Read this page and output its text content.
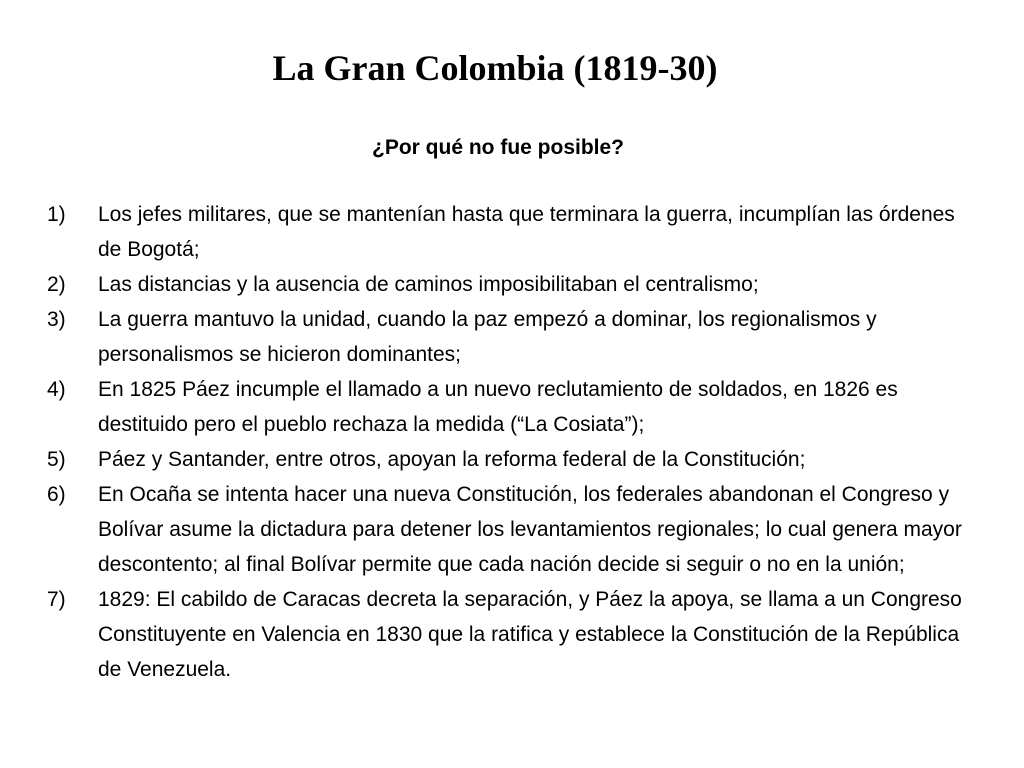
La Gran Colombia (1819-30)
¿Por qué no fue posible?
1) Los jefes militares, que se mantenían hasta que terminara la guerra, incumplían las órdenes de Bogotá;
2) Las distancias y la ausencia de caminos imposibilitaban el centralismo;
3) La guerra mantuvo la unidad, cuando la paz empezó a dominar, los regionalismos y personalismos se hicieron dominantes;
4) En 1825 Páez incumple el llamado a un nuevo reclutamiento de soldados, en 1826 es destituido pero el pueblo rechaza la medida (“La Cosiata”);
5) Páez y Santander, entre otros, apoyan la reforma federal de la Constitución;
6) En Ocaña se intenta hacer una nueva Constitución, los federales abandonan el Congreso y Bolívar asume la dictadura para detener los levantamientos regionales; lo cual genera mayor descontento; al final Bolívar permite que cada nación decide si seguir o no en la unión;
7) 1829: El cabildo de Caracas decreta la separación, y Páez la apoya, se llama a un Congreso Constituyente en Valencia en 1830 que la ratifica y establece la Constitución de la República de Venezuela.
